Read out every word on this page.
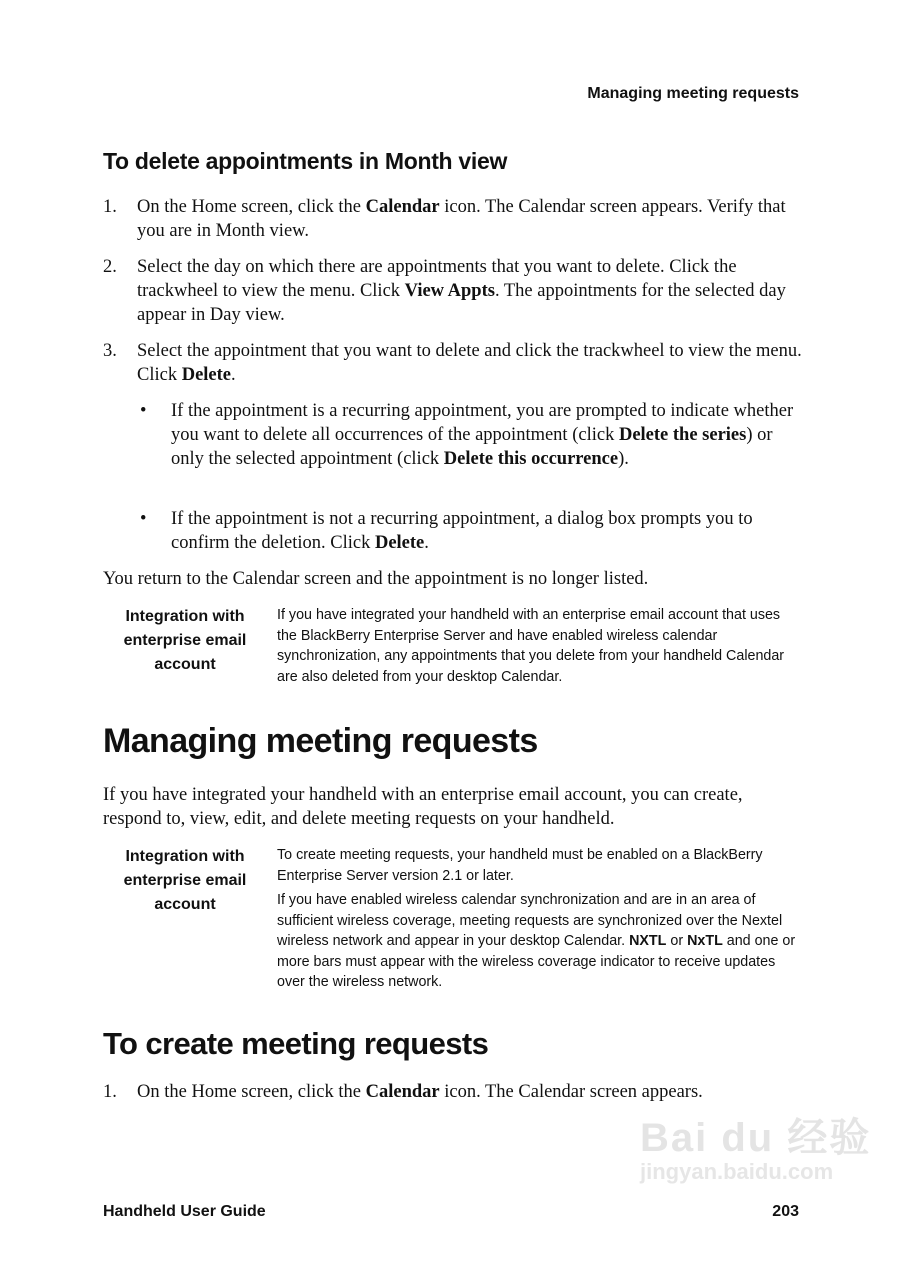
Managing meeting requests
To delete appointments in Month view
1. On the Home screen, click the Calendar icon. The Calendar screen appears. Verify that you are in Month view.
2. Select the day on which there are appointments that you want to delete. Click the trackwheel to view the menu. Click View Appts. The appointments for the selected day appear in Day view.
3. Select the appointment that you want to delete and click the trackwheel to view the menu. Click Delete.
• If the appointment is a recurring appointment, you are prompted to indicate whether you want to delete all occurrences of the appointment (click Delete the series) or only the selected appointment (click Delete this occurrence).
• If the appointment is not a recurring appointment, a dialog box prompts you to confirm the deletion. Click Delete.
You return to the Calendar screen and the appointment is no longer listed.
Integration with enterprise email account

If you have integrated your handheld with an enterprise email account that uses the BlackBerry Enterprise Server and have enabled wireless calendar synchronization, any appointments that you delete from your handheld Calendar are also deleted from your desktop Calendar.

Managing meeting requests
If you have integrated your handheld with an enterprise email account, you can create, respond to, view, edit, and delete meeting requests on your handheld.
Integration with enterprise email account

To create meeting requests, your handheld must be enabled on a BlackBerry Enterprise Server version 2.1 or later.

If you have enabled wireless calendar synchronization and are in an area of sufficient wireless coverage, meeting requests are synchronized over the Nextel wireless network and appear in your desktop Calendar. NXTL or NxTL and one or more bars must appear with the wireless coverage indicator to receive updates over the wireless network.

To create meeting requests
1. On the Home screen, click the Calendar icon. The Calendar screen appears.
Bai du 经验
jingyan.baidu.com
Handheld User Guide	203
